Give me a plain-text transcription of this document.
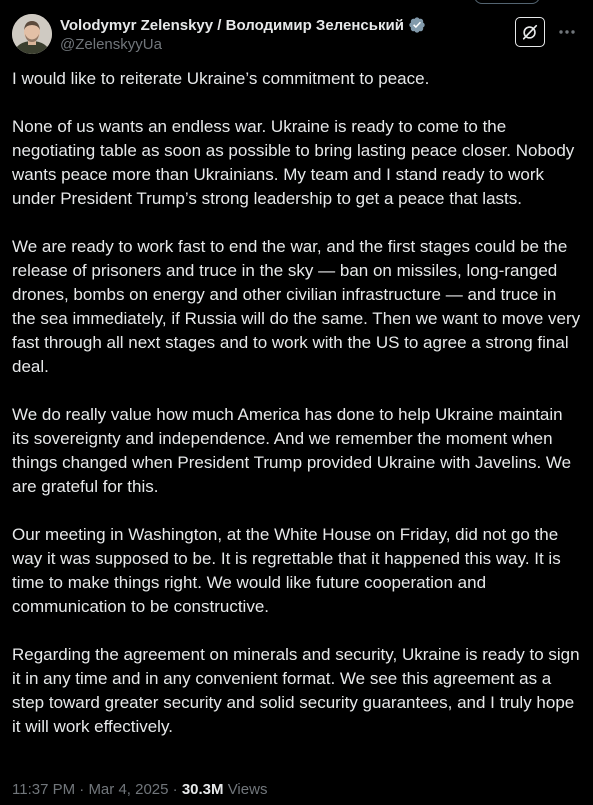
Volodymyr Zelenskyy / Володимир Зеленський
@ZelenskyyUa

I would like to reiterate Ukraine’s commitment to peace.

None of us wants an endless war. Ukraine is ready to come to the negotiating table as soon as possible to bring lasting peace closer. Nobody wants peace more than Ukrainians. My team and I stand ready to work under President Trump’s strong leadership to get a peace that lasts.

We are ready to work fast to end the war, and the first stages could be the release of prisoners and truce in the sky — ban on missiles, long-ranged drones, bombs on energy and other civilian infrastructure — and truce in the sea immediately, if Russia will do the same. Then we want to move very fast through all next stages and to work with the US to agree a strong final deal.

We do really value how much America has done to help Ukraine maintain its sovereignty and independence. And we remember the moment when things changed when President Trump provided Ukraine with Javelins. We are grateful for this.

Our meeting in Washington, at the White House on Friday, did not go the way it was supposed to be. It is regrettable that it happened this way. It is time to make things right. We would like future cooperation and communication to be constructive.

Regarding the agreement on minerals and security, Ukraine is ready to sign it in any time and in any convenient format. We see this agreement as a step toward greater security and solid security guarantees, and I truly hope it will work effectively.

11:37 PM · Mar 4, 2025 · 30.3M Views
